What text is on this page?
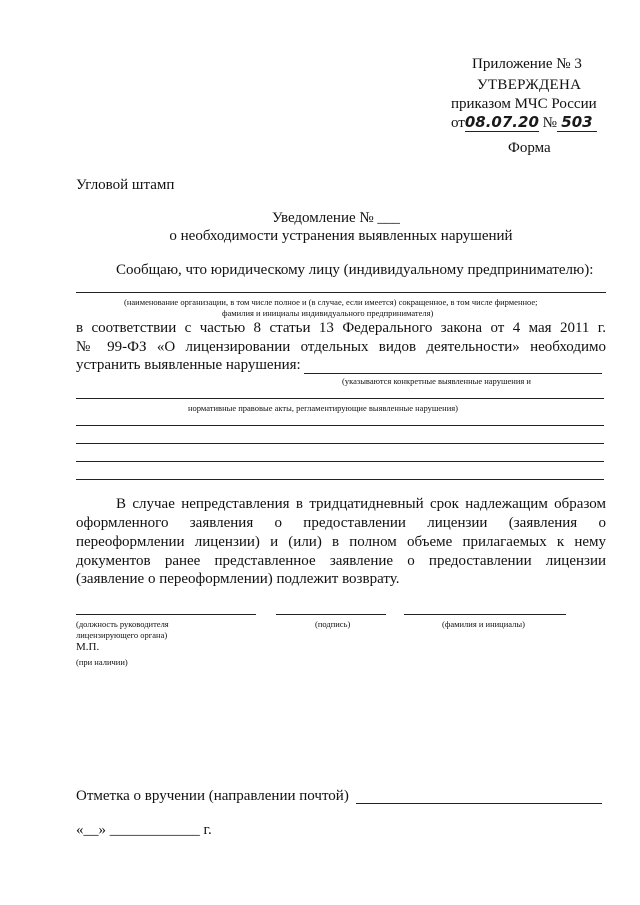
Приложение № 3
УТВЕРЖДЕНА
приказом МЧС России
от08.07.20 № 503
Форма
Угловой штамп
Уведомление № ___
о необходимости устранения выявленных нарушений
Сообщаю, что юридическому лицу (индивидуальному предпринимателю):
(наименование организации, в том числе полное и (в случае, если имеется) сокращенное, в том числе фирменное;
фамилия и инициалы индивидуального предпринимателя)
в соответствии с частью 8 статьи 13 Федерального закона от 4 мая 2011 г.
№ 99-ФЗ «О лицензировании отдельных видов деятельности» необходимо
устранить выявленные нарушения:
(указываются конкретные выявленные нарушения и
нормативные правовые акты, регламентирующие выявленные нарушения)
В случае непредставления в тридцатидневный срок надлежащим образом
оформленного заявления о предоставлении лицензии (заявления о
переоформлении лицензии) и (или) в полном объеме прилагаемых к нему
документов ранее представленное заявление о предоставлении лицензии
(заявление о переоформлении) подлежит возврату.
(должность руководителя
лицензирующего органа)
(подпись)	(фамилия и инициалы)
М.П.
(при наличии)
Отметка о вручении (направлении почтой)
«__» ____________ г.
